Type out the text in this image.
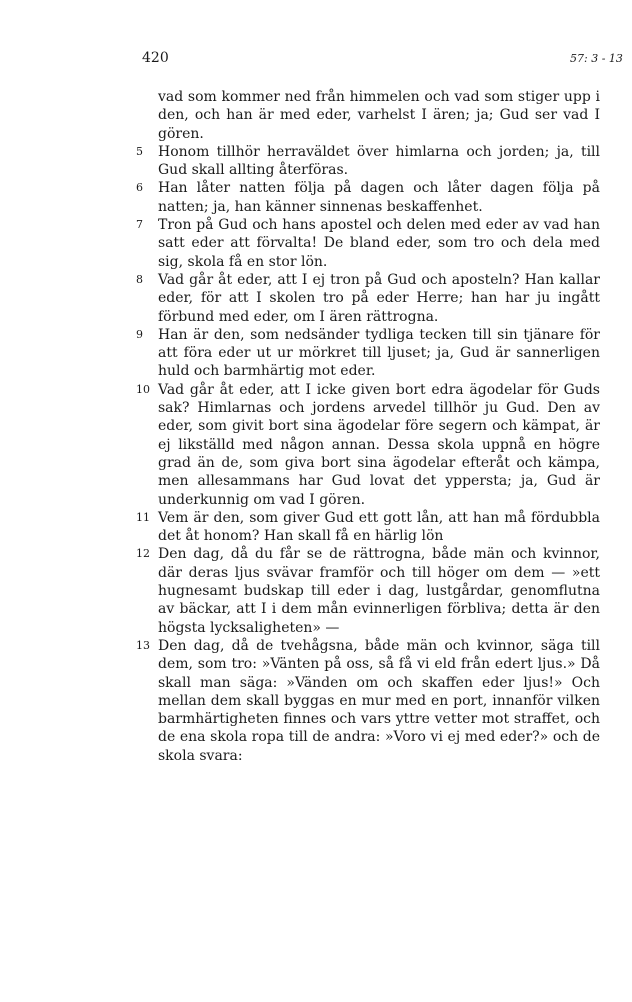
420	57: 3 - 13
vad som kommer ned från himmelen och vad som stiger upp i den, och han är med eder, varhelst I ären; ja; Gud ser vad I gören.
5	Honom tillhör herraväldet över himlarna och jorden; ja, till Gud skall allting återföras.
6	Han låter natten följa på dagen och låter dagen följa på natten; ja, han känner sinnenas beskaffenhet.
7	Tron på Gud och hans apostel och delen med eder av vad han satt eder att förvalta! De bland eder, som tro och dela med sig, skola få en stor lön.
8	Vad går åt eder, att I ej tron på Gud och aposteln? Han kallar eder, för att I skolen tro på eder Herre; han har ju ingått förbund med eder, om I ären rättrogna.
9	Han är den, som nedsänder tydliga tecken till sin tjänare för att föra eder ut ur mörkret till ljuset; ja, Gud är sannerligen huld och barmhärtig mot eder.
10 Vad går åt eder, att I icke given bort edra ägodelar för Guds sak? Himlarnas och jordens arvedel tillhör ju Gud. Den av eder, som givit bort sina ägodelar före segern och kämpat, är ej likställd med någon annan. Dessa skola uppnå en högre grad än de, som giva bort sina ägodelar efteråt och kämpa, men allesammans har Gud lovat det yppersta; ja, Gud är underkunnig om vad I gören.
11 Vem är den, som giver Gud ett gott lån, att han må fördubbla det åt honom? Han skall få en härlig lön
12 Den dag, då du får se de rättrogna, både män och kvinnor, där deras ljus svävar framför och till höger om dem — »ett hugnesamt budskap till eder i dag, lustgårdar, genomflutna av bäckar, att I i dem mån evinnerligen förbliva; detta är den högsta lycksaligheten» —
13 Den dag, då de tvehågsna, både män och kvinnor, säga till dem, som tro: »Vänten på oss, så få vi eld från edert ljus.» Då skall man säga: »Vänden om och skaffen eder ljus!» Och mellan dem skall byggas en mur med en port, innanför vilken barmhärtigheten finnes och vars yttre vetter mot straffet, och de ena skola ropa till de andra: »Voro vi ej med eder?» och de skola svara:
